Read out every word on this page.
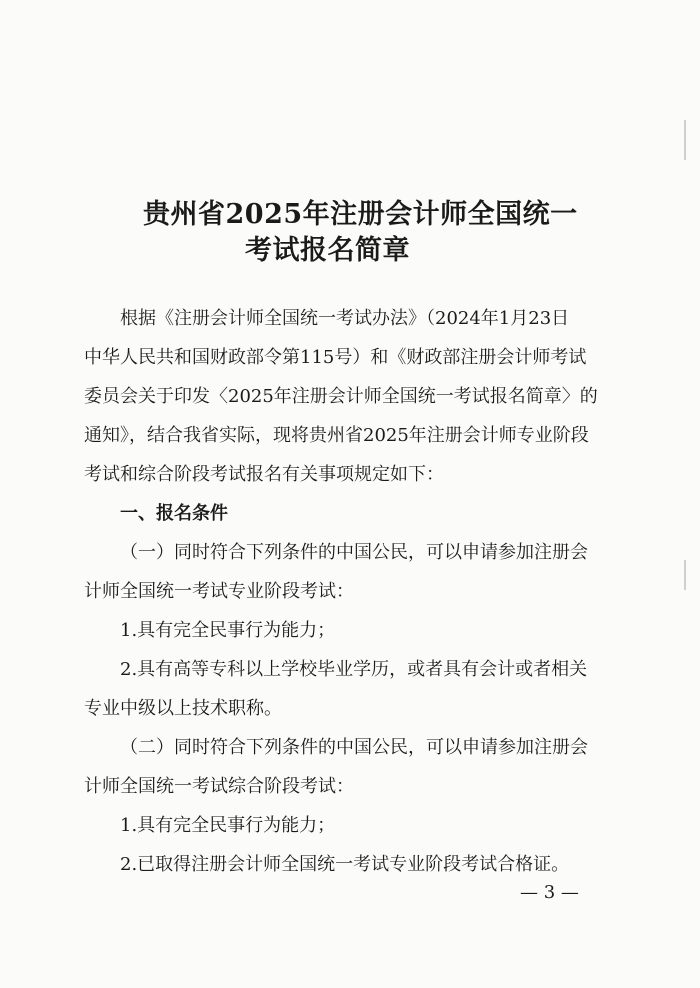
贵州省2025年注册会计师全国统一
考试报名简章
根据《注册会计师全国统一考试办法》（2024年1月23日
中华人民共和国财政部令第115号）和《财政部注册会计师考试
委员会关于印发〈2025年注册会计师全国统一考试报名简章〉的
通知》，结合我省实际，现将贵州省2025年注册会计师专业阶段
考试和综合阶段考试报名有关事项规定如下：
一、报名条件
（一）同时符合下列条件的中国公民，可以申请参加注册会
计师全国统一考试专业阶段考试：
1.具有完全民事行为能力；
2.具有高等专科以上学校毕业学历，或者具有会计或者相关
专业中级以上技术职称。
（二）同时符合下列条件的中国公民，可以申请参加注册会
计师全国统一考试综合阶段考试：
1.具有完全民事行为能力；
2.已取得注册会计师全国统一考试专业阶段考试合格证。
— 3 —
